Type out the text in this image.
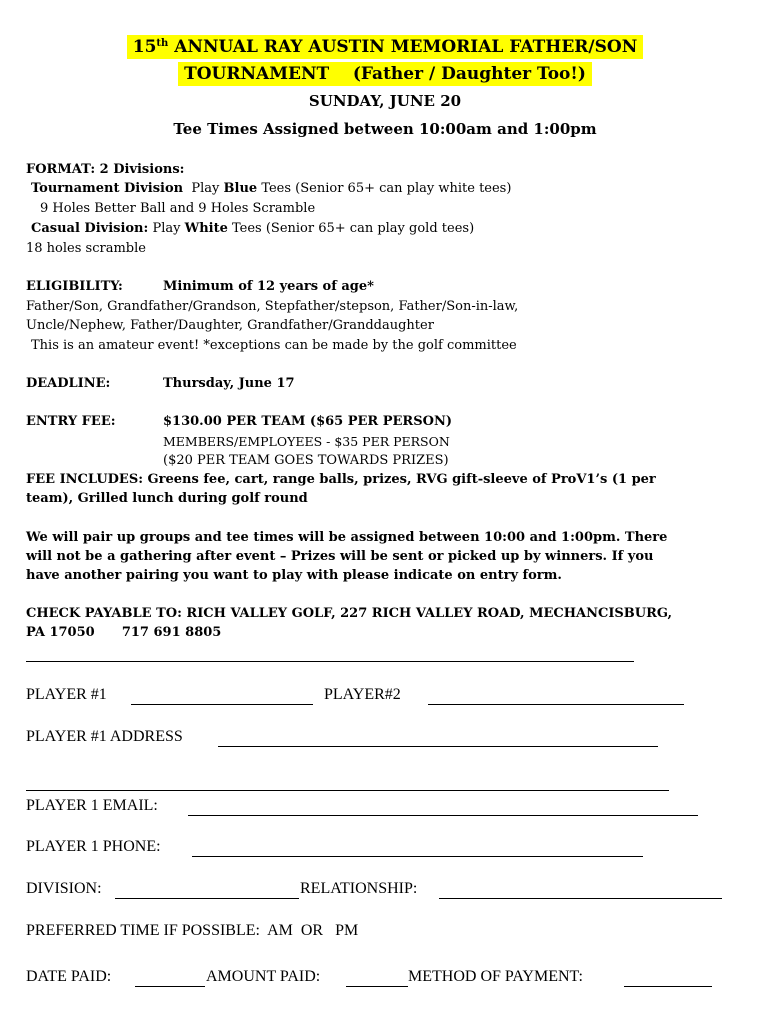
15th ANNUAL RAY AUSTIN MEMORIAL FATHER/SON
TOURNAMENT    (Father / Daughter Too!)
SUNDAY, JUNE 20
Tee Times Assigned between 10:00am and 1:00pm
FORMAT: 2 Divisions:
Tournament Division Play Blue Tees (Senior 65+ can play white tees)
9 Holes Better Ball and 9 Holes Scramble
Casual Division: Play White Tees (Senior 65+ can play gold tees)
18 holes scramble
ELIGIBILITY:	Minimum of 12 years of age*
Father/Son, Grandfather/Grandson, Stepfather/stepson, Father/Son-in-law,
Uncle/Nephew, Father/Daughter, Grandfather/Granddaughter
This is an amateur event! *exceptions can be made by the golf committee
DEADLINE:	Thursday, June 17
ENTRY FEE:	$130.00 PER TEAM ($65 PER PERSON)
MEMBERS/EMPLOYEES - $35 PER PERSON
($20 PER TEAM GOES TOWARDS PRIZES)
FEE INCLUDES: Greens fee, cart, range balls, prizes, RVG gift-sleeve of ProV1’s (1 per
team), Grilled lunch during golf round
We will pair up groups and tee times will be assigned between 10:00 and 1:00pm. There
will not be a gathering after event – Prizes will be sent or picked up by winners. If you
have another pairing you want to play with please indicate on entry form.
CHECK PAYABLE TO: RICH VALLEY GOLF, 227 RICH VALLEY ROAD, MECHANCISBURG,
PA 17050      717 691 8805
PLAYER #1	PLAYER#2
PLAYER #1 ADDRESS
PLAYER 1 EMAIL:
PLAYER 1 PHONE:
DIVISION:	RELATIONSHIP:
PREFERRED TIME IF POSSIBLE:  AM  OR   PM
DATE PAID:	AMOUNT PAID:	METHOD OF PAYMENT:
